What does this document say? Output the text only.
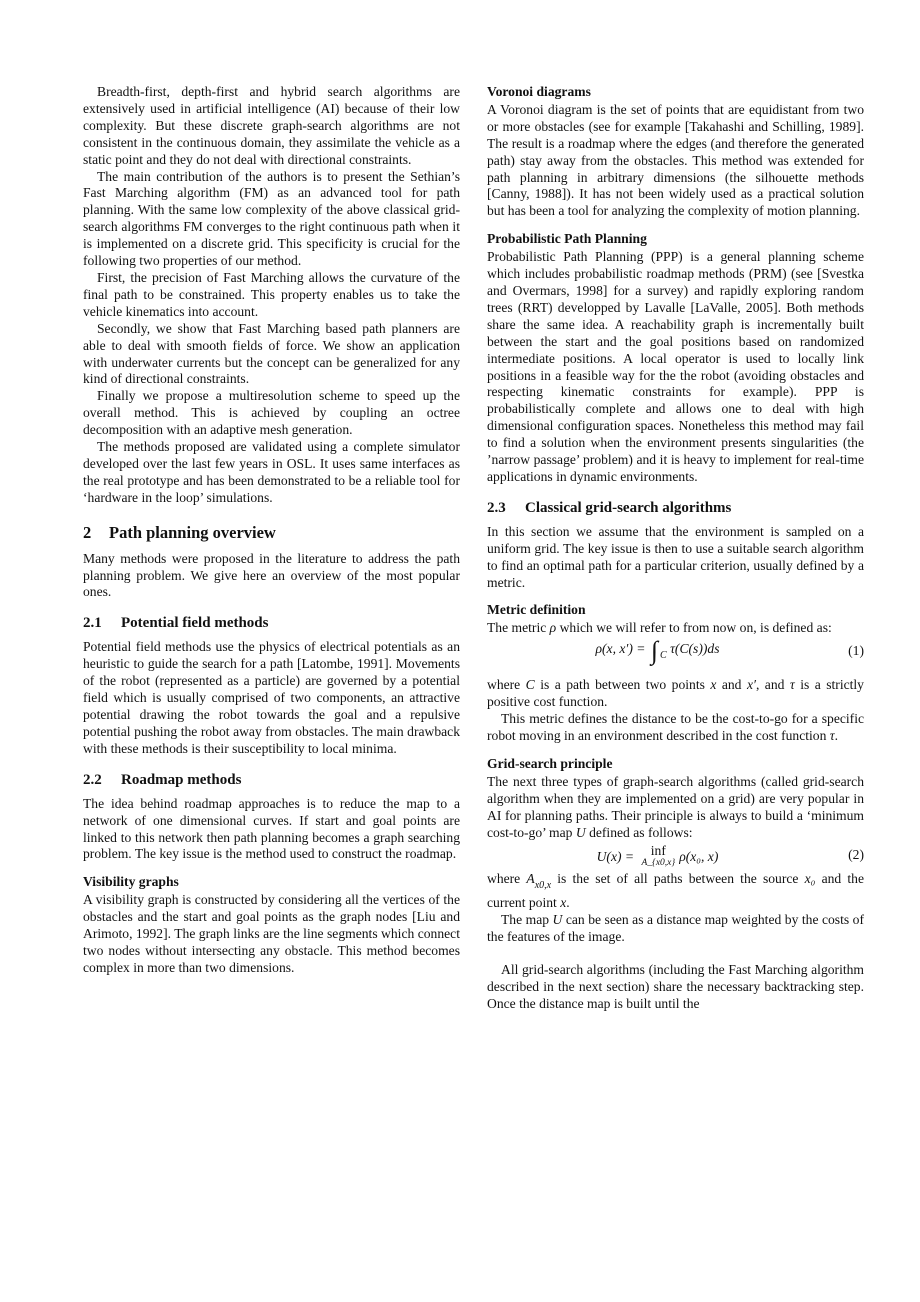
Breadth-first, depth-first and hybrid search algorithms are extensively used in artificial intelligence (AI) because of their low complexity. But these discrete graph-search algorithms are not consistent in the continuous domain, they assimilate the vehicle as a static point and they do not deal with directional constraints.

The main contribution of the authors is to present the Sethian’s Fast Marching algorithm (FM) as an advanced tool for path planning. With the same low complexity of the above classical grid-search algorithms FM converges to the right continuous path when it is implemented on a discrete grid. This specificity is crucial for the following two properties of our method.

First, the precision of Fast Marching allows the curvature of the final path to be constrained. This property enables us to take the vehicle kinematics into account.

Secondly, we show that Fast Marching based path planners are able to deal with smooth fields of force. We show an application with underwater currents but the concept can be generalized for any kind of directional constraints.

Finally we propose a multiresolution scheme to speed up the overall method. This is achieved by coupling an octree decomposition with an adaptive mesh generation.

The methods proposed are validated using a complete simulator developed over the last few years in OSL. It uses same interfaces as the real prototype and has been demonstrated to be a reliable tool for ‘hardware in the loop’ simulations.

2 Path planning overview

Many methods were proposed in the literature to address the path planning problem. We give here an overview of the most popular ones.

2.1 Potential field methods

Potential field methods use the physics of electrical potentials as an heuristic to guide the search for a path [Latombe, 1991]. Movements of the robot (represented as a particle) are governed by a potential field which is usually comprised of two components, an attractive potential drawing the robot towards the goal and a repulsive potential pushing the robot away from obstacles. The main drawback with these methods is their susceptibility to local minima.

2.2 Roadmap methods

The idea behind roadmap approaches is to reduce the map to a network of one dimensional curves. If start and goal points are linked to this network then path planning becomes a graph searching problem. The key issue is the method used to construct the roadmap.

Visibility graphs

A visibility graph is constructed by considering all the vertices of the obstacles and the start and goal points as the graph nodes [Liu and Arimoto, 1992]. The graph links are the line segments which connect two nodes without intersecting any obstacle. This method becomes complex in more than two dimensions.

Voronoi diagrams

A Voronoi diagram is the set of points that are equidistant from two or more obstacles (see for example [Takahashi and Schilling, 1989]. The result is a roadmap where the edges (and therefore the generated path) stay away from the obstacles. This method was extended for path planning in arbitrary dimensions (the silhouette methods [Canny, 1988]). It has not been widely used as a practical solution but has been a tool for analyzing the complexity of motion planning.

Probabilistic Path Planning

Probabilistic Path Planning (PPP) is a general planning scheme which includes probabilistic roadmap methods (PRM) (see [Svestka and Overmars, 1998] for a survey) and rapidly exploring random trees (RRT) developped by Lavalle [LaValle, 2005]. Both methods share the same idea. A reachability graph is incrementally built between the start and the goal positions based on randomized intermediate positions. A local operator is used to locally link positions in a feasible way for the the robot (avoiding obstacles and respecting kinematic constraints for example). PPP is probabilistically complete and allows one to deal with high dimensional configuration spaces. Nonetheless this method may fail to find a solution when the environment presents singularities (the ’narrow passage’ problem) and it is heavy to implement for real-time applications in dynamic environments.

2.3 Classical grid-search algorithms

In this section we assume that the environment is sampled on a uniform grid. The key issue is then to use a suitable search algorithm to find an optimal path for a particular criterion, usually defined by a metric.

Metric definition

The metric ρ which we will refer to from now on, is defined as:

ρ(x, x′) = ∫ $_C$ τ(C(s))ds	(1)

where C is a path between two points x and x′, and τ is a strictly positive cost function.

This metric defines the distance to be the cost-to-go for a specific robot moving in an environment described in the cost function τ.

Grid-search principle

The next three types of graph-search algorithms (called grid-search algorithm when they are implemented on a grid) are very popular in AI for planning paths. Their principle is always to build a ‘minimum cost-to-go’ map U defined as follows:

U(x) = inf
A_{x0,x} ρ(x₀, x)	(2)

where $A_{x0,x}$ is the set of all paths between the source x₀ and the current point x.

The map U can be seen as a distance map weighted by the costs of the features of the image.

All grid-search algorithms (including the Fast Marching algorithm described in the next section) share the necessary backtracking step. Once the distance map is built until the
